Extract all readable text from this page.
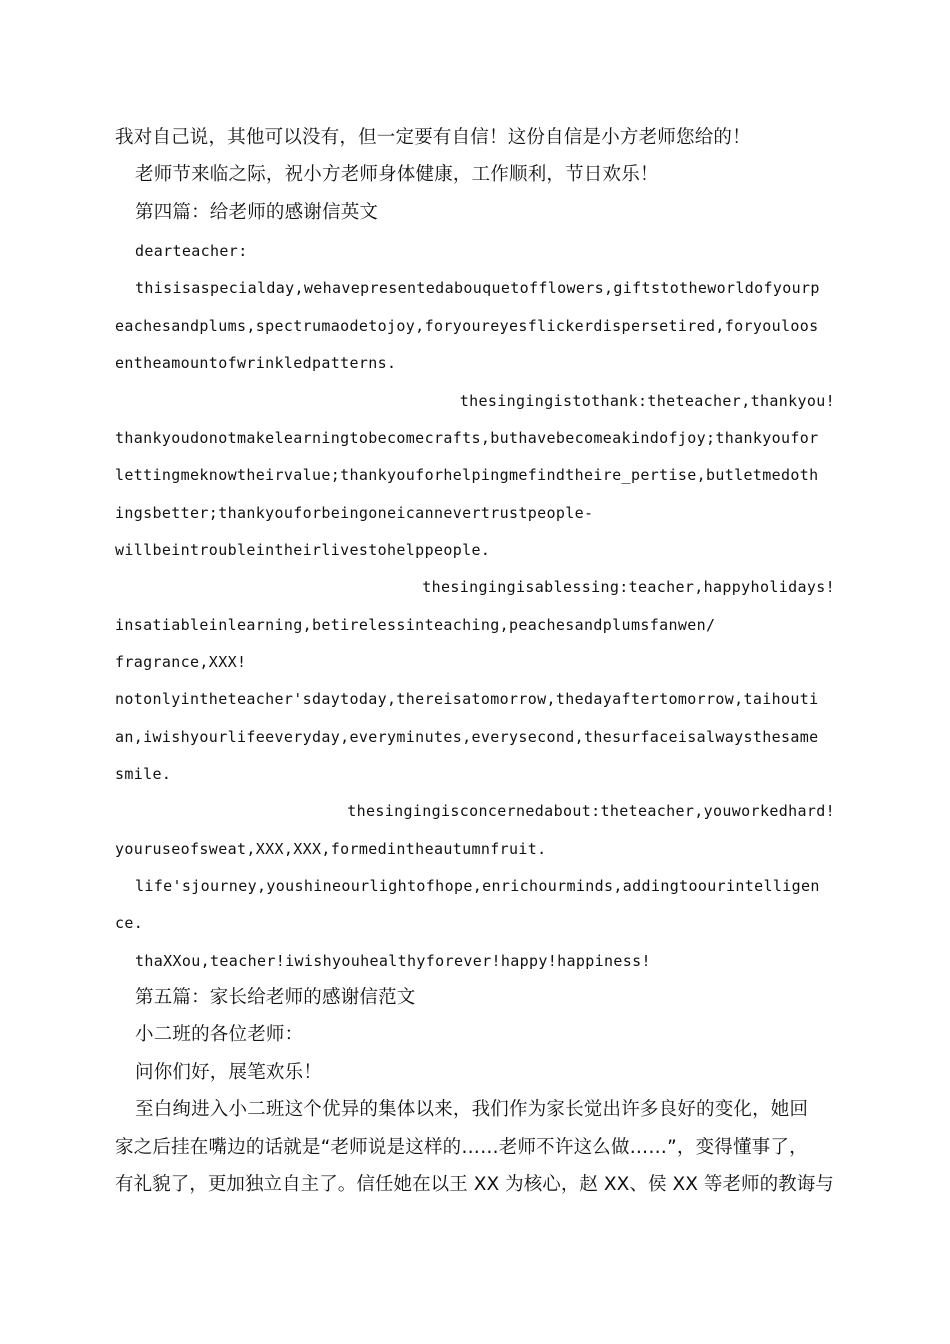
我对自己说，其他可以没有，但一定要有自信！这份自信是小方老师您给的！

老师节来临之际，祝小方老师身体健康，工作顺利，节日欢乐！

第四篇：给老师的感谢信英文

dearteacher:

thisisaspecialday,wehavepresentedabouquetofflowers,giftstotheworldofyourp

eachesandplums,spectrumaodetojoy,foryoureyesflickerdispersetired,foryouloos

entheamountofwrinkledpatterns.

thesingingistothank:theteacher,thankyou!

thankyoudonotmakelearningtobecomecrafts,buthavebecomeakindofjoy;thankyoufor

lettingmeknowtheirvalue;thankyouforhelpingmefindtheire_pertise,butletmedoth

ingsbetter;thankyouforbeingoneicannevertrustpeople-

willbeintroubleintheirlivestohelppeople.

thesingingisablessing:teacher,happyholidays!

insatiableinlearning,betirelessinteaching,peachesandplumsfanwen/

fragrance,XXX!

notonlyintheteacher'sdaytoday,thereisatomorrow,thedayaftertomorrow,taihouti

an,iwishyourlifeeveryday,everyminutes,everysecond,thesurfaceisalwaysthesame

smile.

thesingingisconcernedabout:theteacher,youworkedhard!

youruseofsweat,XXX,XXX,formedintheautumnfruit.

life'sjourney,youshineourlightofhope,enrichourminds,addingtoourintelligen

ce.

thaXXou,teacher!iwishyouhealthyforever!happy!happiness!

第五篇：家长给老师的感谢信范文

小二班的各位老师：

问你们好，展笔欢乐！

至白绚进入小二班这个优异的集体以来，我们作为家长觉出许多良好的变化，她回

家之后挂在嘴边的话就是“老师说是这样的……老师不许这么做……”，变得懂事了，

有礼貌了，更加独立自主了。信任她在以王 XX 为核心，赵 XX、侯 XX 等老师的教诲与
